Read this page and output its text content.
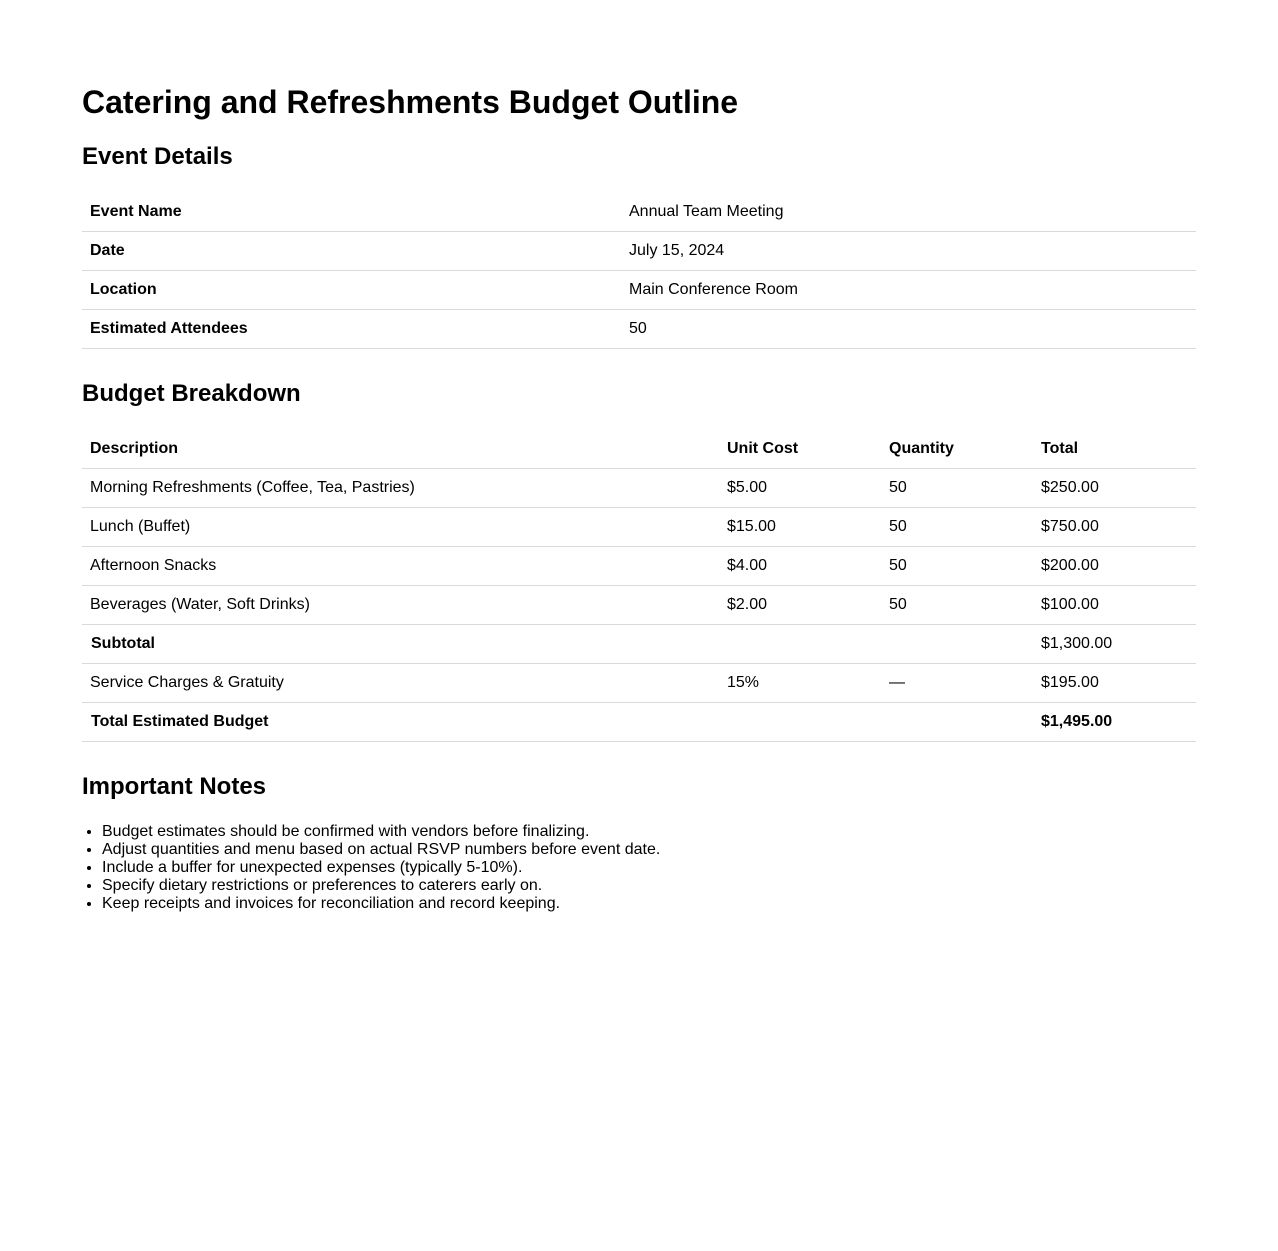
Catering and Refreshments Budget Outline
Event Details
Event Name	Annual Team Meeting
Date	July 15, 2024
Location	Main Conference Room
Estimated Attendees	50
Budget Breakdown
Description	Unit Cost	Quantity	Total
Morning Refreshments (Coffee, Tea, Pastries)	$5.00	50	$250.00
Lunch (Buffet)	$15.00	50	$750.00
Afternoon Snacks	$4.00	50	$200.00
Beverages (Water, Soft Drinks)	$2.00	50	$100.00
Subtotal			$1,300.00
Service Charges & Gratuity	15%	—	$195.00
Total Estimated Budget			$1,495.00
Important Notes
• Budget estimates should be confirmed with vendors before finalizing.
• Adjust quantities and menu based on actual RSVP numbers before event date.
• Include a buffer for unexpected expenses (typically 5-10%).
• Specify dietary restrictions or preferences to caterers early on.
• Keep receipts and invoices for reconciliation and record keeping.
